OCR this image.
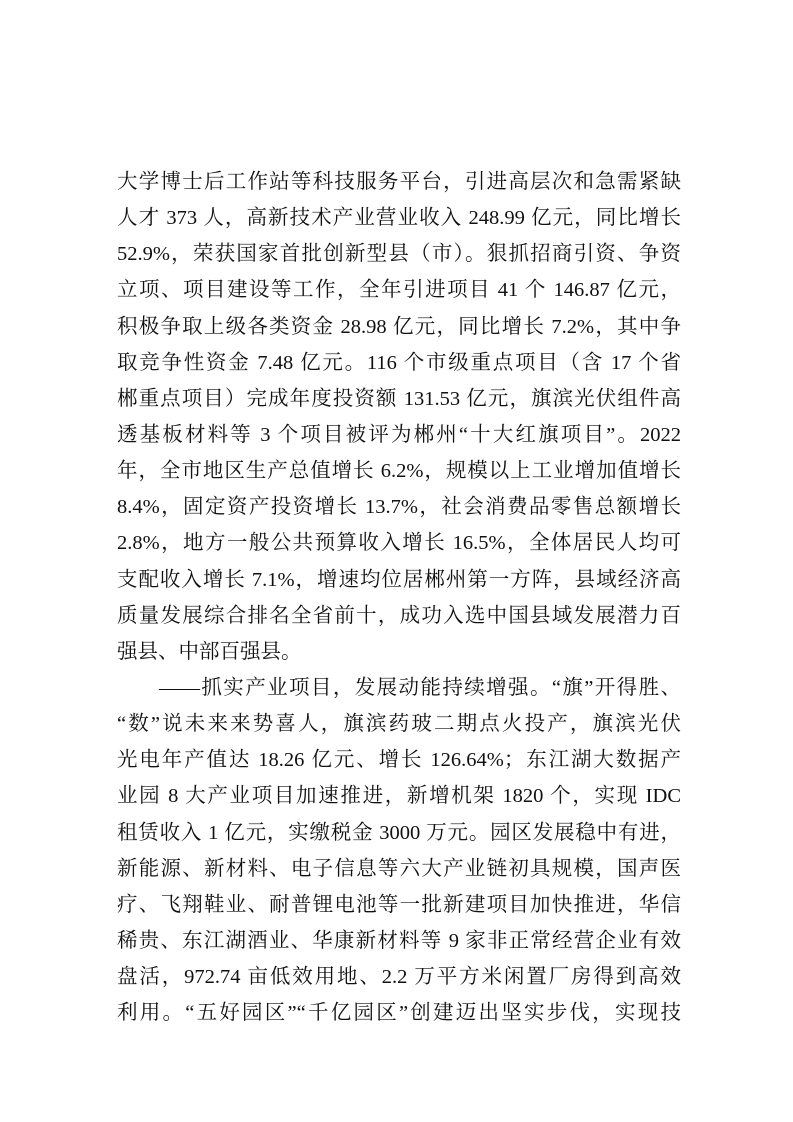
大学博士后工作站等科技服务平台，引进高层次和急需紧缺
人才 373 人，高新技术产业营业收入 248.99 亿元，同比增长
52.9%，荣获国家首批创新型县（市）。狠抓招商引资、争资
立项、项目建设等工作，全年引进项目 41 个 146.87 亿元，
积极争取上级各类资金 28.98 亿元，同比增长 7.2%，其中争
取竞争性资金 7.48 亿元。116 个市级重点项目（含 17 个省
郴重点项目）完成年度投资额 131.53 亿元，旗滨光伏组件高
透基板材料等 3 个项目被评为郴州“十大红旗项目”。2022
年，全市地区生产总值增长 6.2%，规模以上工业增加值增长
8.4%，固定资产投资增长 13.7%，社会消费品零售总额增长
2.8%，地方一般公共预算收入增长 16.5%，全体居民人均可
支配收入增长 7.1%，增速均位居郴州第一方阵，县域经济高
质量发展综合排名全省前十，成功入选中国县域发展潜力百
强县、中部百强县。
——抓实产业项目，发展动能持续增强。“旗”开得胜、
“数”说未来来势喜人，旗滨药玻二期点火投产，旗滨光伏
光电年产值达 18.26 亿元、增长 126.64%；东江湖大数据产
业园 8 大产业项目加速推进，新增机架 1820 个，实现 IDC
租赁收入 1 亿元，实缴税金 3000 万元。园区发展稳中有进，
新能源、新材料、电子信息等六大产业链初具规模，国声医
疗、飞翔鞋业、耐普锂电池等一批新建项目加快推进，华信
稀贵、东江湖酒业、华康新材料等 9 家非正常经营企业有效
盘活，972.74 亩低效用地、2.2 万平方米闲置厂房得到高效
利用。“五好园区”“千亿园区”创建迈出坚实步伐，实现技
